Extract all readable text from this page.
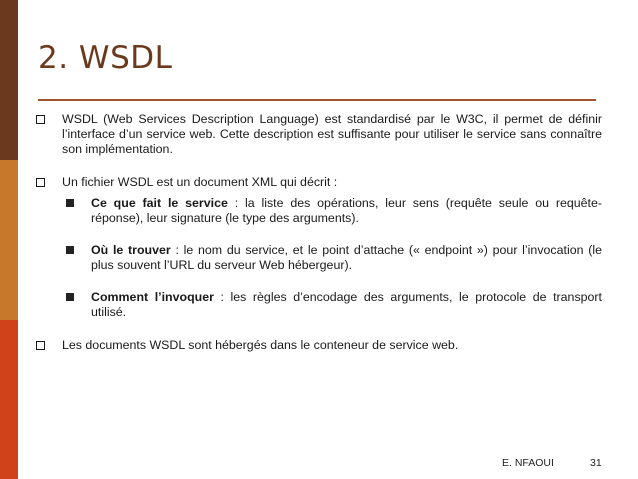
2. WSDL
WSDL (Web Services Description Language) est standardisé par le W3C, il permet de définir l’interface d’un service web. Cette description est suffisante pour utiliser le service sans connaître son implémentation.
Un fichier WSDL est un document XML qui décrit :
Ce que fait le service : la liste des opérations, leur sens (requête seule ou requête-réponse), leur signature (le type des arguments).
Où le trouver : le nom du service, et le point d’attache (« endpoint ») pour l’invocation (le plus souvent l’URL du serveur Web hébergeur).
Comment l’invoquer : les règles d’encodage des arguments, le protocole de transport utilisé.
Les documents WSDL sont hébergés dans le conteneur de service web.
E. NFAOUI	31
